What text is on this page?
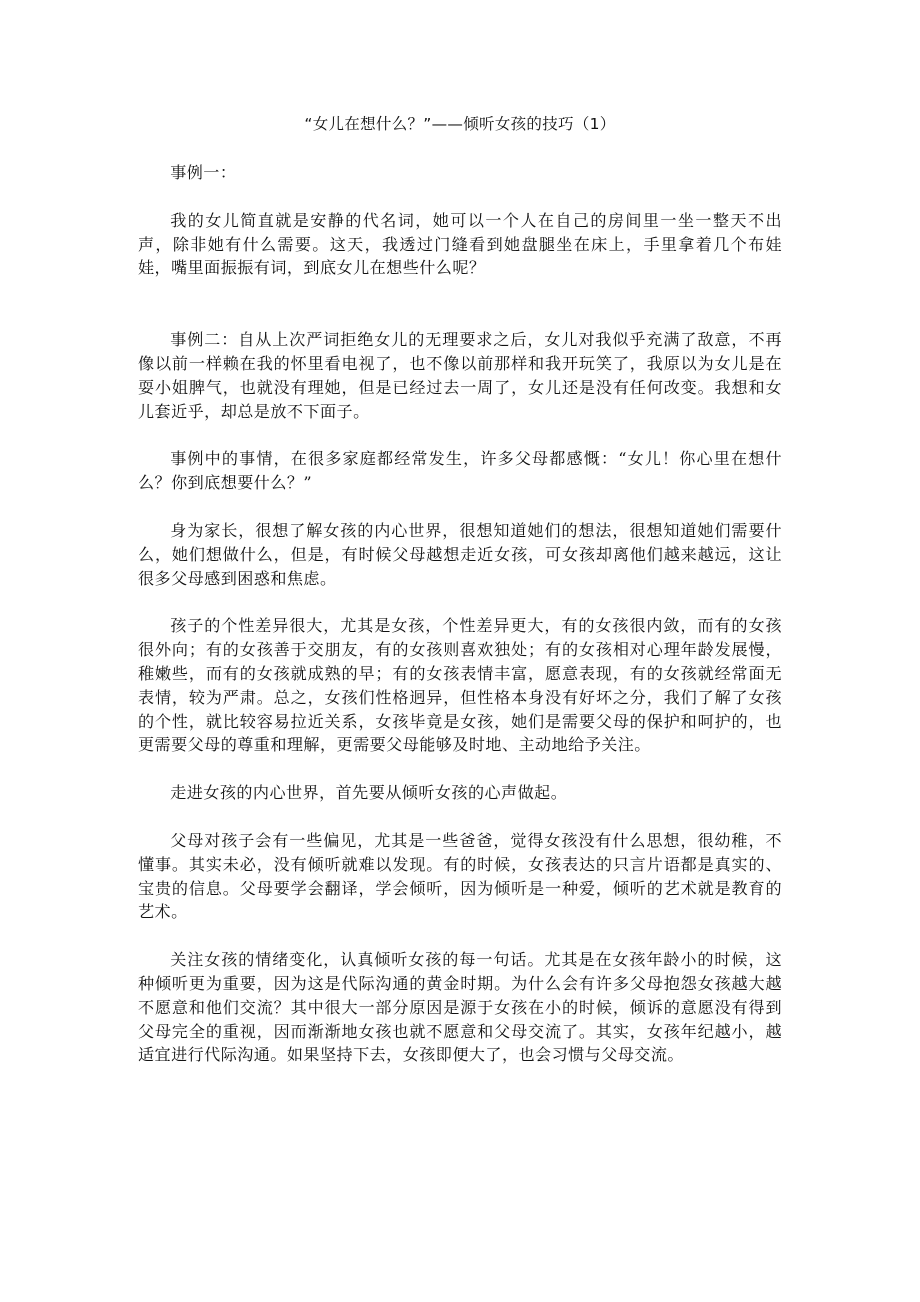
“女儿在想什么？”——倾听女孩的技巧（1）

事例一：

我的女儿简直就是安静的代名词，她可以一个人在自己的房间里一坐一整天不出声，除非她有什么需要。这天，我透过门缝看到她盘腿坐在床上，手里拿着几个布娃娃，嘴里面振振有词，到底女儿在想些什么呢？

事例二：自从上次严词拒绝女儿的无理要求之后，女儿对我似乎充满了敌意，不再像以前一样赖在我的怀里看电视了，也不像以前那样和我开玩笑了，我原以为女儿是在耍小姐脾气，也就没有理她，但是已经过去一周了，女儿还是没有任何改变。我想和女儿套近乎，却总是放不下面子。

事例中的事情，在很多家庭都经常发生，许多父母都感慨：“女儿！你心里在想什么？你到底想要什么？”

身为家长，很想了解女孩的内心世界，很想知道她们的想法，很想知道她们需要什么，她们想做什么，但是，有时候父母越想走近女孩，可女孩却离他们越来越远，这让很多父母感到困惑和焦虑。

孩子的个性差异很大，尤其是女孩，个性差异更大，有的女孩很内敛，而有的女孩很外向；有的女孩善于交朋友，有的女孩则喜欢独处；有的女孩相对心理年龄发展慢，稚嫩些，而有的女孩就成熟的早；有的女孩表情丰富，愿意表现，有的女孩就经常面无表情，较为严肃。总之，女孩们性格迥异，但性格本身没有好坏之分，我们了解了女孩的个性，就比较容易拉近关系，女孩毕竟是女孩，她们是需要父母的保护和呵护的，也更需要父母的尊重和理解，更需要父母能够及时地、主动地给予关注。

走进女孩的内心世界，首先要从倾听女孩的心声做起。

父母对孩子会有一些偏见，尤其是一些爸爸，觉得女孩没有什么思想，很幼稚，不懂事。其实未必，没有倾听就难以发现。有的时候，女孩表达的只言片语都是真实的、宝贵的信息。父母要学会翻译，学会倾听，因为倾听是一种爱，倾听的艺术就是教育的艺术。

关注女孩的情绪变化，认真倾听女孩的每一句话。尤其是在女孩年龄小的时候，这种倾听更为重要，因为这是代际沟通的黄金时期。为什么会有许多父母抱怨女孩越大越不愿意和他们交流？其中很大一部分原因是源于女孩在小的时候，倾诉的意愿没有得到父母完全的重视，因而渐渐地女孩也就不愿意和父母交流了。其实，女孩年纪越小，越适宜进行代际沟通。如果坚持下去，女孩即便大了，也会习惯与父母交流。
